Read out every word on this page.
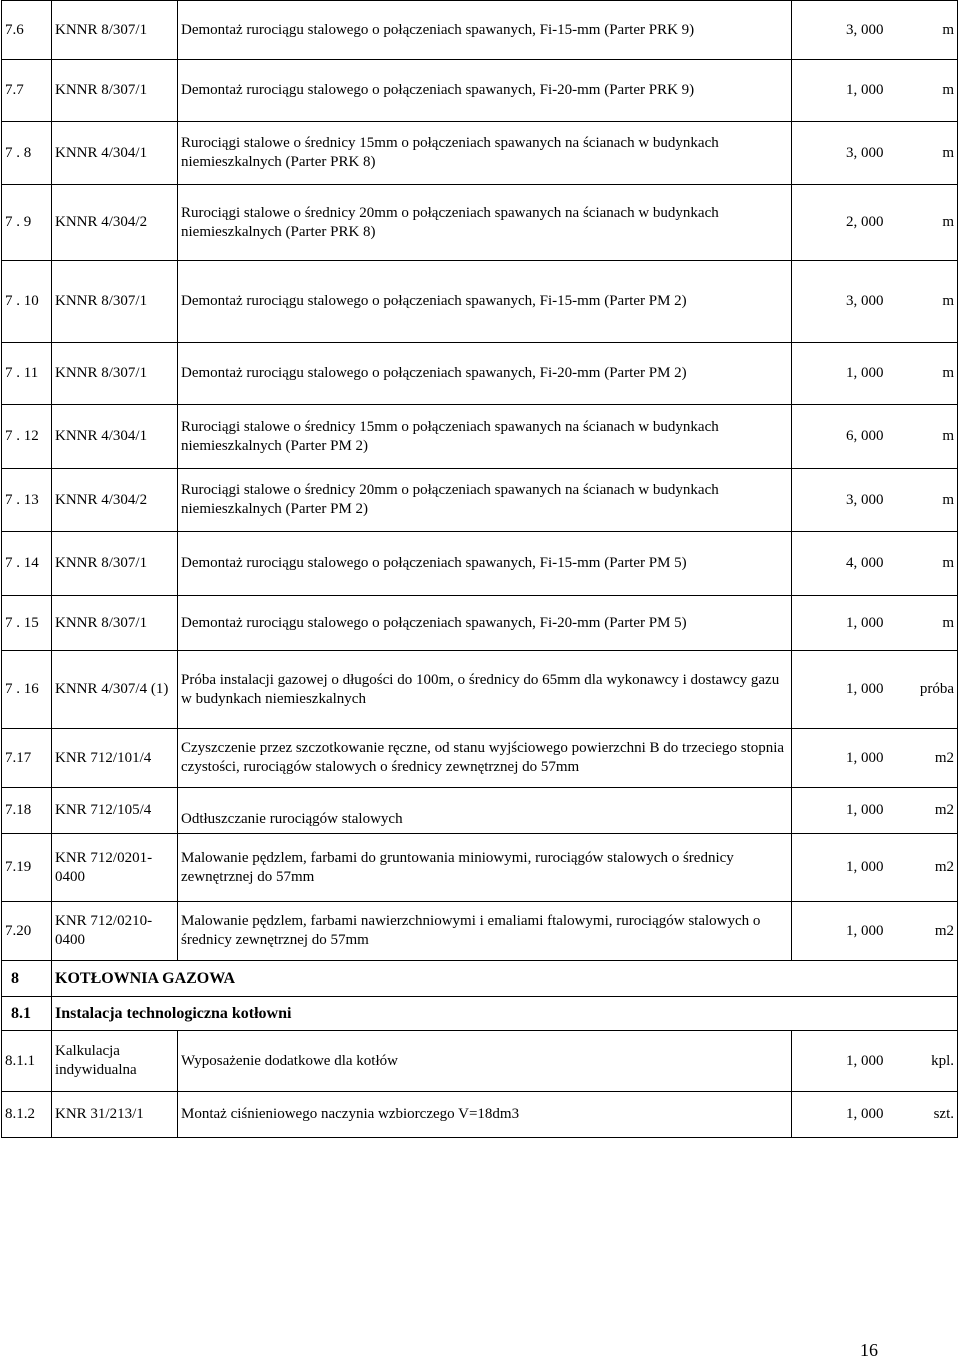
7.6	KNNR 8/307/1	Demontaż rurociągu stalowego o połączeniach spawanych, Fi-15-mm (Parter PRK 9)	3, 000	m
7.7	KNNR 8/307/1	Demontaż rurociągu stalowego o połączeniach spawanych, Fi-20-mm (Parter PRK 9)	1, 000	m
7 . 8	KNNR 4/304/1	Rurociągi stalowe o średnicy 15mm o połączeniach spawanych na ścianach w budynkach niemieszkalnych (Parter PRK 8)	3, 000	m
7 . 9	KNNR 4/304/2	Rurociągi stalowe o średnicy 20mm o połączeniach spawanych na ścianach w budynkach niemieszkalnych (Parter PRK 8)	2, 000	m
7 . 10	KNNR 8/307/1	Demontaż rurociągu stalowego o połączeniach spawanych, Fi-15-mm (Parter PM 2)	3, 000	m
7 . 11	KNNR 8/307/1	Demontaż rurociągu stalowego o połączeniach spawanych, Fi-20-mm (Parter PM 2)	1, 000	m
7 . 12	KNNR 4/304/1	Rurociągi stalowe o średnicy 15mm o połączeniach spawanych na ścianach w budynkach niemieszkalnych (Parter PM 2)	6, 000	m
7 . 13	KNNR 4/304/2	Rurociągi stalowe o średnicy 20mm o połączeniach spawanych na ścianach w budynkach niemieszkalnych (Parter PM 2)	3, 000	m
7 . 14	KNNR 8/307/1	Demontaż rurociągu stalowego o połączeniach spawanych, Fi-15-mm (Parter PM 5)	4, 000	m
7 . 15	KNNR 8/307/1	Demontaż rurociągu stalowego o połączeniach spawanych, Fi-20-mm (Parter PM 5)	1, 000	m
7 . 16	KNNR 4/307/4 (1)	Próba instalacji gazowej o długości do 100m, o średnicy do 65mm dla wykonawcy i dostawcy gazu w budynkach niemieszkalnych	1, 000	próba
7.17	KNR 712/101/4	Czyszczenie przez szczotkowanie ręczne, od stanu wyjściowego powierzchni B do trzeciego stopnia czystości, rurociągów stalowych o średnicy zewnętrznej do 57mm	1, 000	m2
7.18	KNR 712/105/4	Odtłuszczanie rurociągów stalowych	1, 000	m2
7.19	KNR 712/0201-0400	Malowanie pędzlem, farbami do gruntowania miniowymi, rurociągów stalowych o średnicy zewnętrznej do 57mm	1, 000	m2
7.20	KNR 712/0210-0400	Malowanie pędzlem, farbami nawierzchniowymi i emaliami ftalowymi, rurociągów stalowych o średnicy zewnętrznej do 57mm	1, 000	m2
8	KOTŁOWNIA GAZOWA			
8.1	Instalacja technologiczna kotłowni			
8.1.1	Kalkulacja indywidualna	Wyposażenie dodatkowe dla kotłów	1, 000	kpl.
8.1.2	KNR 31/213/1	Montaż ciśnieniowego naczynia wzbiorczego V=18dm3	1, 000	szt.
16
